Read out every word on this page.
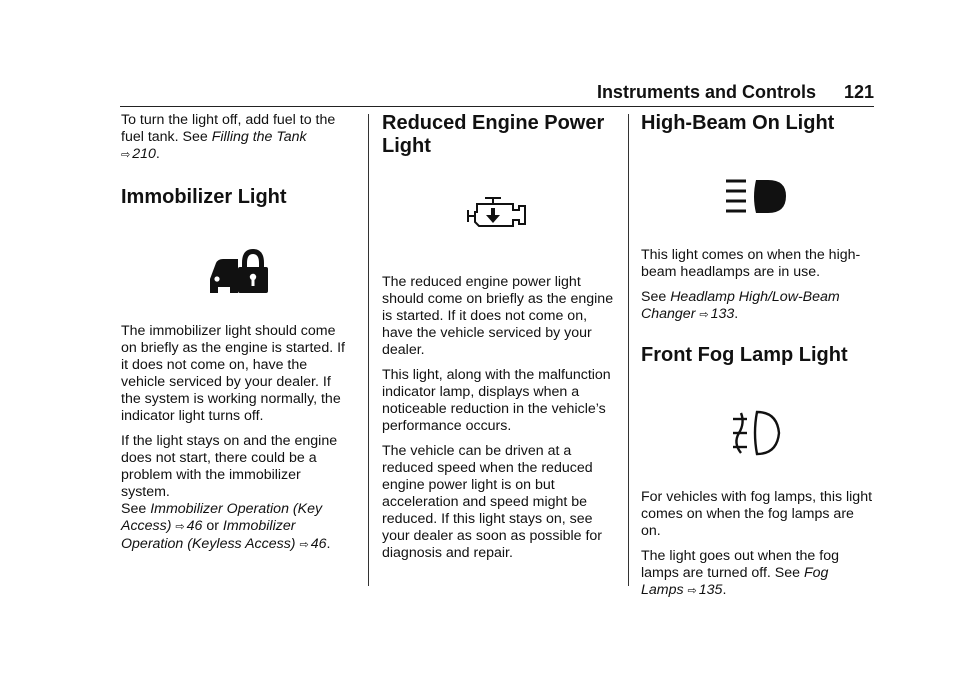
Instruments and Controls 121

To turn the light off, add fuel to the fuel tank. See Filling the Tank
⇨ 210.

Immobilizer Light

The immobilizer light should come on briefly as the engine is started. If it does not come on, have the vehicle serviced by your dealer. If the system is working normally, the indicator light turns off.

If the light stays on and the engine does not start, there could be a problem with the immobilizer system.
See Immobilizer Operation (Key Access) ⇨ 46 or Immobilizer Operation (Keyless Access) ⇨ 46.

Reduced Engine Power
Light

The reduced engine power light should come on briefly as the engine is started. If it does not come on, have the vehicle serviced by your dealer.

This light, along with the malfunction indicator lamp, displays when a noticeable reduction in the vehicle’s performance occurs.

The vehicle can be driven at a reduced speed when the reduced engine power light is on but acceleration and speed might be reduced. If this light stays on, see your dealer as soon as possible for diagnosis and repair.

High-Beam On Light

This light comes on when the high-beam headlamps are in use.

See Headlamp High/Low-Beam Changer ⇨ 133.

Front Fog Lamp Light

For vehicles with fog lamps, this light comes on when the fog lamps are on.

The light goes out when the fog lamps are turned off. See Fog Lamps ⇨ 135.
